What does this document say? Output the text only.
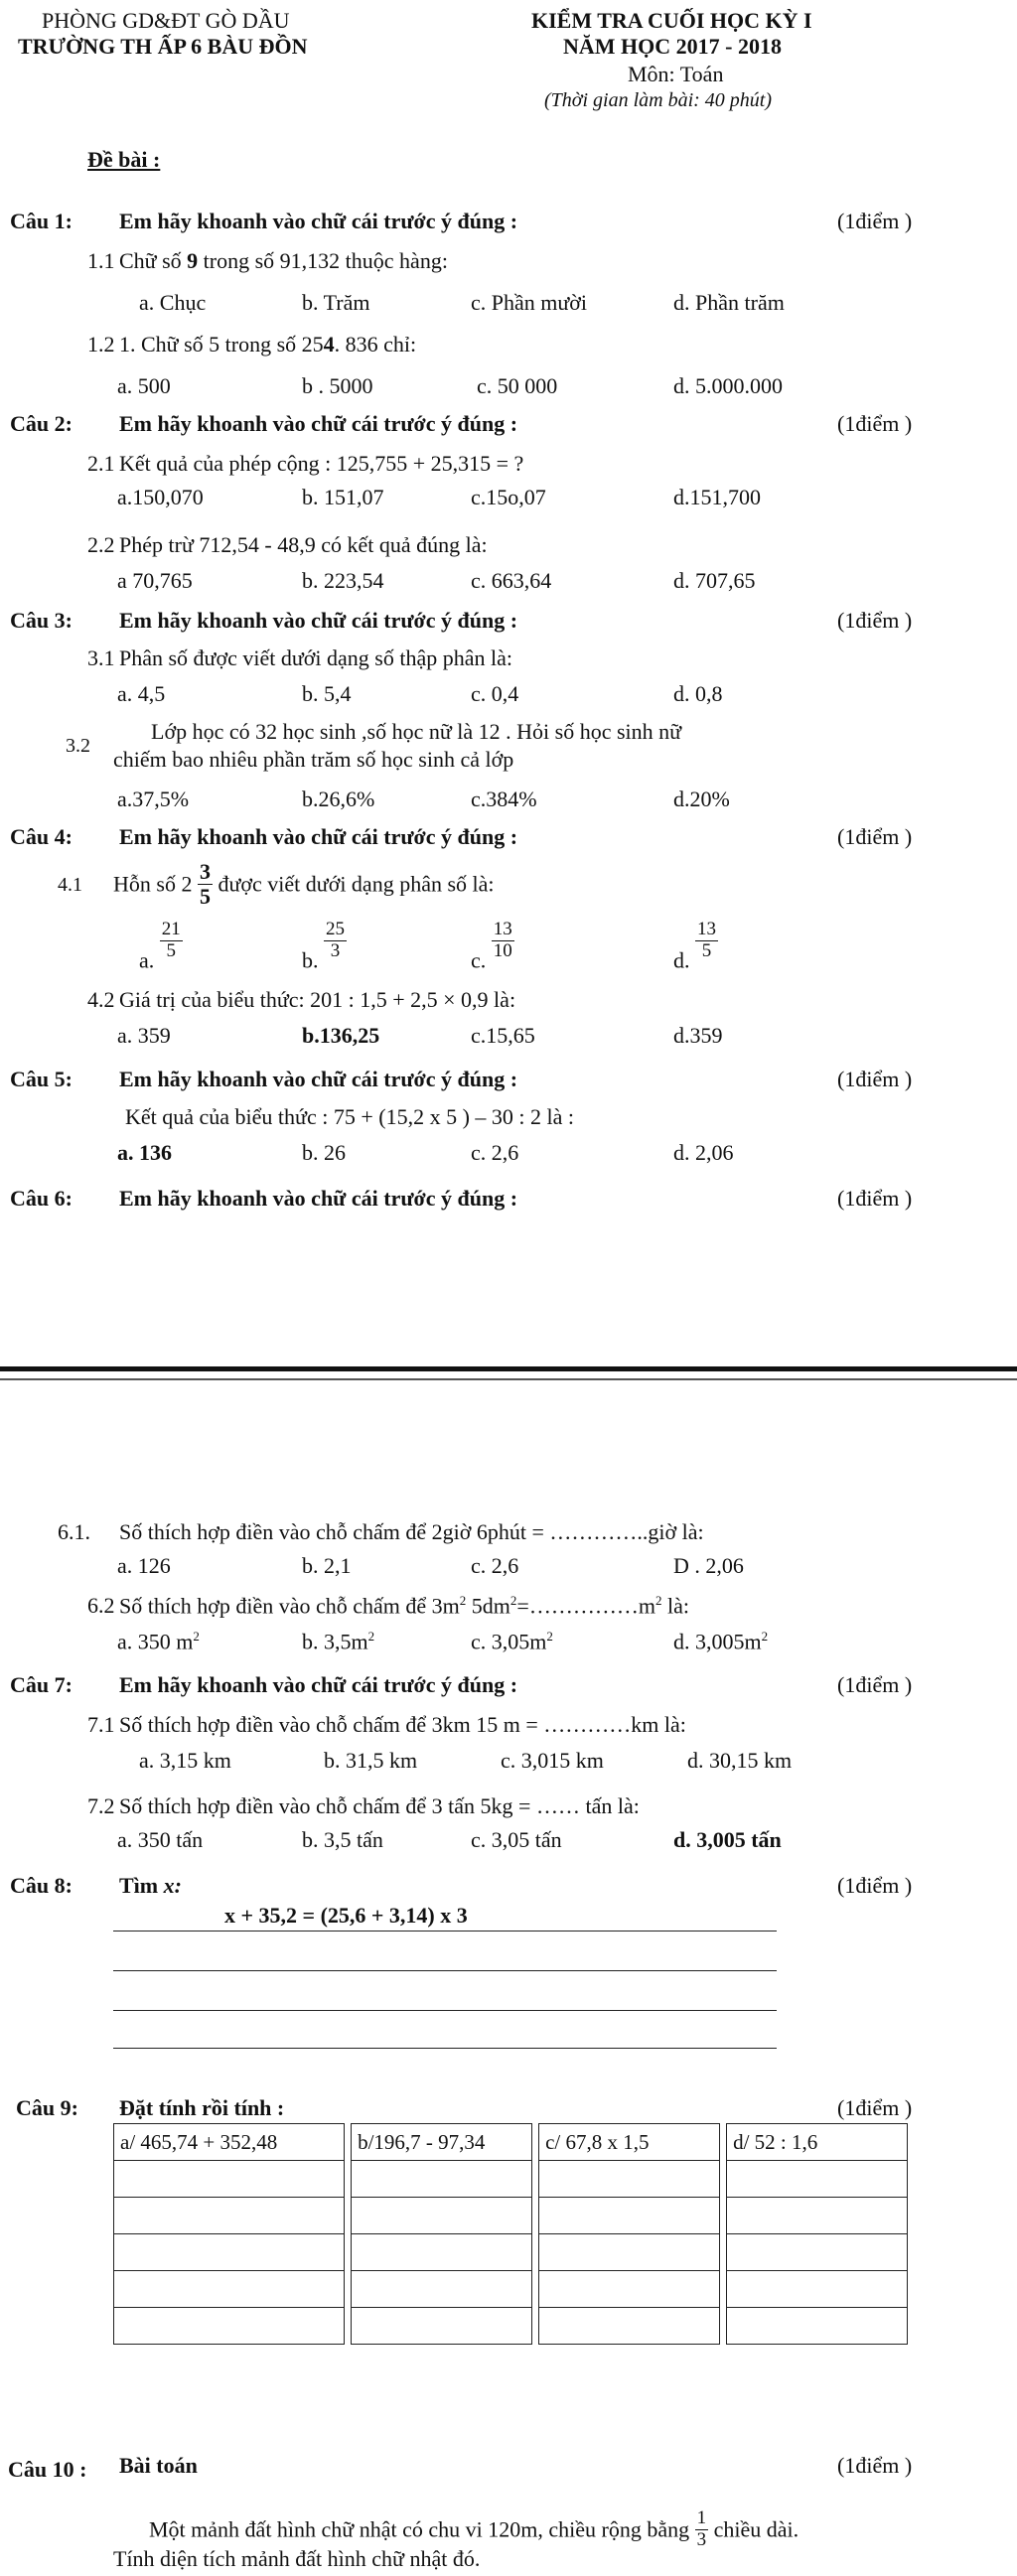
PHÒNG GD&ĐT GÒ DẦU
TRƯỜNG TH ẤP 6 BÀU ĐỒN
KIỂM TRA CUỐI HỌC KỲ I
NĂM HỌC 2017 - 2018
Môn: Toán
(Thời gian làm bài: 40 phút)
Đề bài :
Câu 1: Em hãy khoanh vào chữ cái trước ý đúng :	(1điểm )
1.1 Chữ số 9 trong số 91,132 thuộc hàng:
a. Chục	b. Trăm	c. Phần mười	d. Phần trăm
1.2 1. Chữ số 5 trong số 254. 836 chỉ:
a. 500	b . 5000	c. 50 000	d. 5.000.000
Câu 2: Em hãy khoanh vào chữ cái trước ý đúng :	(1điểm )
2.1 Kết quả của phép cộng : 125,755 + 25,315 = ?
a.150,070	b. 151,07	c.15o,07	d.151,700
2.2 Phép trừ 712,54 - 48,9 có kết quả đúng là:
a 70,765	b. 223,54	c. 663,64	d. 707,65
Câu 3: Em hãy khoanh vào chữ cái trước ý đúng :	(1điểm )
3.1 Phân số được viết dưới dạng số thập phân là:
a. 4,5	b. 5,4	c. 0,4	d. 0,8
3.2
Lớp học có 32 học sinh ,số học nữ là 12 . Hỏi số học sinh nữ
chiếm bao nhiêu phần trăm số học sinh cả lớp
a.37,5%	b.26,6%	c.384%	d.20%
Câu 4: Em hãy khoanh vào chữ cái trước ý đúng :	(1điểm )
4.1 Hỗn số $2 \frac{3}{5}$ được viết dưới dạng phân số là:
a. $\frac{21}{5}$	b. $\frac{25}{3}$	c. $\frac{13}{10}$	d. $\frac{13}{5}$
4.2 Giá trị của biểu thức: 201 : 1,5 + 2,5 × 0,9 là:
a. 359	b.136,25	c.15,65	d.359
Câu 5: Em hãy khoanh vào chữ cái trước ý đúng :	(1điểm )
Kết quả của biểu thức : 75 + (15,2 x 5 ) – 30 : 2 là :
a. 136	b. 26	c. 2,6	d. 2,06
Câu 6: Em hãy khoanh vào chữ cái trước ý đúng :	(1điểm )
6.1. Số thích hợp điền vào chỗ chấm để 2giờ 6phút = …………..giờ là:
a. 126	b. 2,1	c. 2,6	D . 2,06
6.2 Số thích hợp điền vào chỗ chấm để $3m^2$ $5dm^2=\dots\dots\dots\dots\dots m^2$ là:
a. 350 $m^2$	b. $3,5m^2$	c. $3,05m^2$	d. $3,005m^2$
Câu 7: Em hãy khoanh vào chữ cái trước ý đúng :	(1điểm )
7.1 Số thích hợp điền vào chỗ chấm để 3km 15 m = …………km là:
a. 3,15 km	b. 31,5 km	c. 3,015 km	d. 30,15 km
7.2 Số thích hợp điền vào chỗ chấm để 3 tấn 5kg = …… tấn là:
a. 350 tấn	b. 3,5 tấn	c. 3,05 tấn	d. 3,005 tấn
Câu 8: Tìm x:	(1điểm )
x + 35,2 = (25,6 + 3,14) x 3
Câu 9: Đặt tính rồi tính :	(1điểm )
a/ 465,74 + 352,48		b/196,7 - 97,34		c/ 67,8 x 1,5		d/ 52 : 1,6

Câu 10 : Bài toán	(1điểm )
Một mảnh đất hình chữ nhật có chu vi 120m, chiều rộng bằng $\frac{1}{3}$ chiều dài.
Tính diện tích mảnh đất hình chữ nhật đó.
